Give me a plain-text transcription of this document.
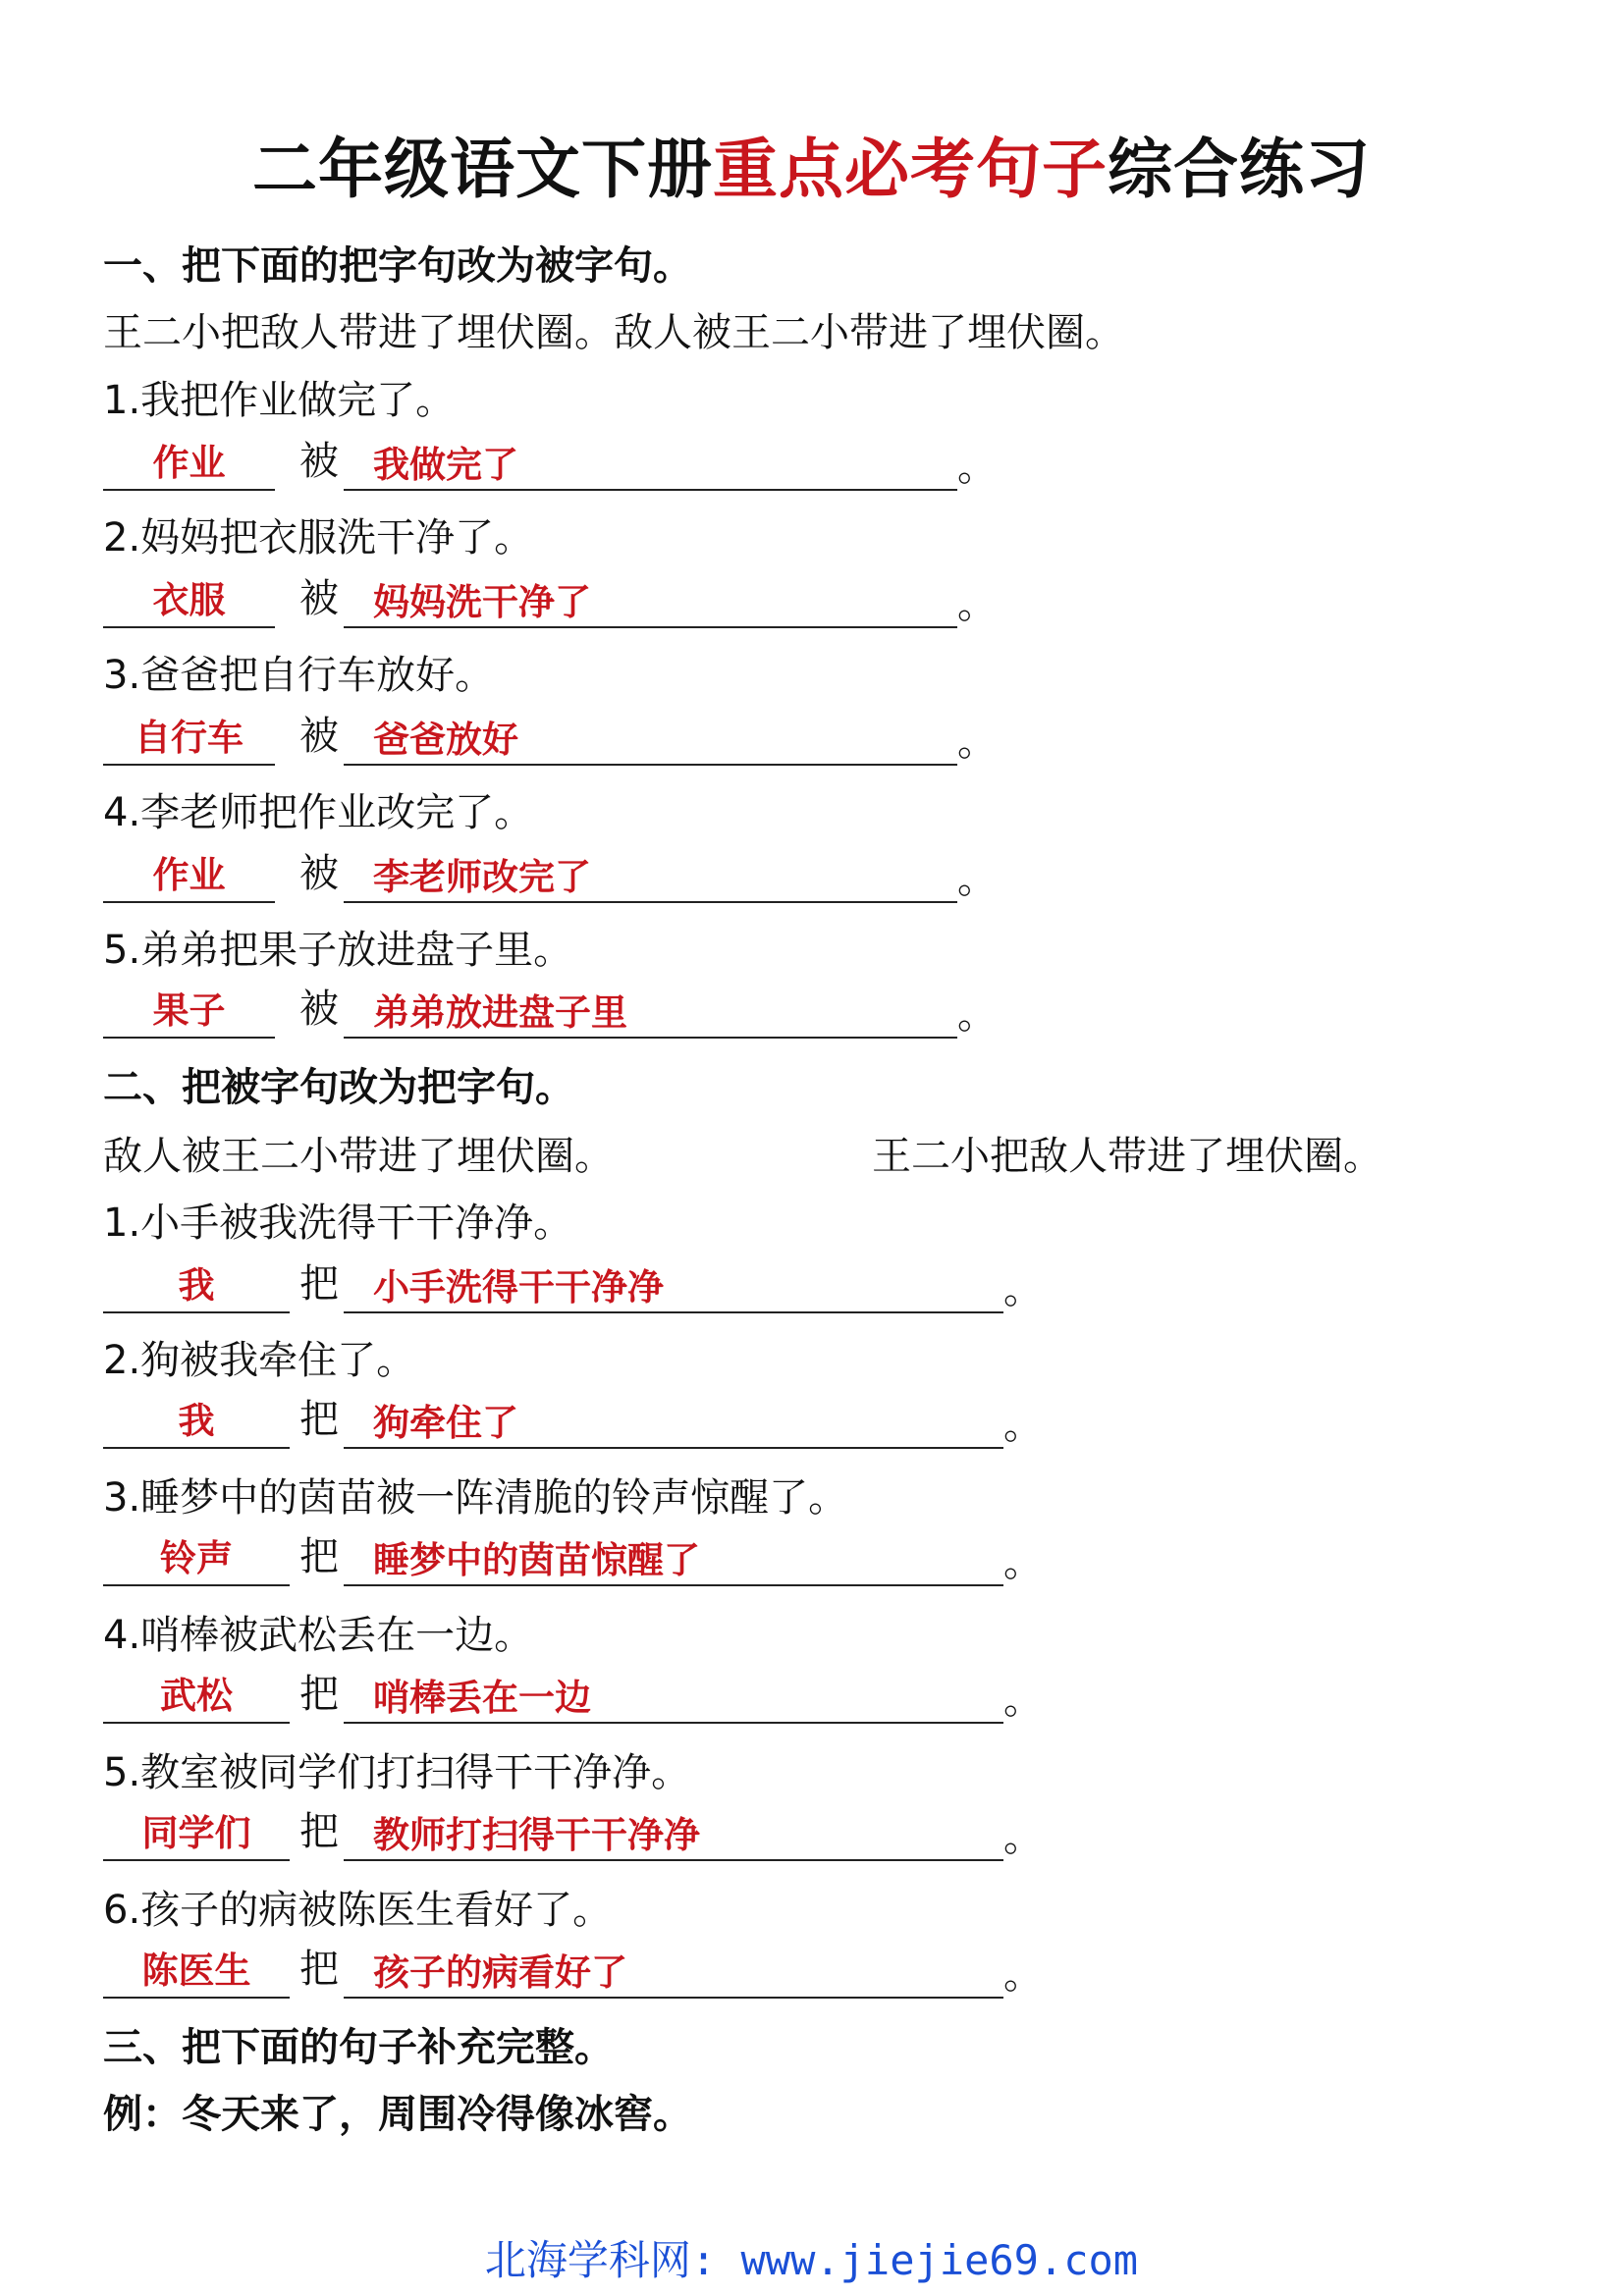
二年级语文下册重点必考句子综合练习
一、把下面的把字句改为被字句。
王二小把敌人带进了埋伏圈。敌人被王二小带进了埋伏圈。
1.我把作业做完了。
作业	被 我做完了	。
2.妈妈把衣服洗干净了。
衣服	被 妈妈洗干净了	。
3.爸爸把自行车放好。
自行车	被 爸爸放好	。
4.李老师把作业改完了。
作业	被 李老师改完了	。
5.弟弟把果子放进盘子里。
果子	被 弟弟放进盘子里	。
二、把被字句改为把字句。
敌人被王二小带进了埋伏圈。	王二小把敌人带进了埋伏圈。
1.小手被我洗得干干净净。
我	把 小手洗得干干净净	。
2.狗被我牵住了。
我	把 狗牵住了	。
3.睡梦中的茵苗被一阵清脆的铃声惊醒了。
铃声	把 睡梦中的茵苗惊醒了	。
4.哨棒被武松丢在一边。
武松	把 哨棒丢在一边	。
5.教室被同学们打扫得干干净净。
同学们	把 教师打扫得干干净净	。
6.孩子的病被陈医生看好了。
陈医生	把 孩子的病看好了	。
三、把下面的句子补充完整。
例：冬天来了，周围冷得像冰窖。
北海学科网: www.jiejie69.com
